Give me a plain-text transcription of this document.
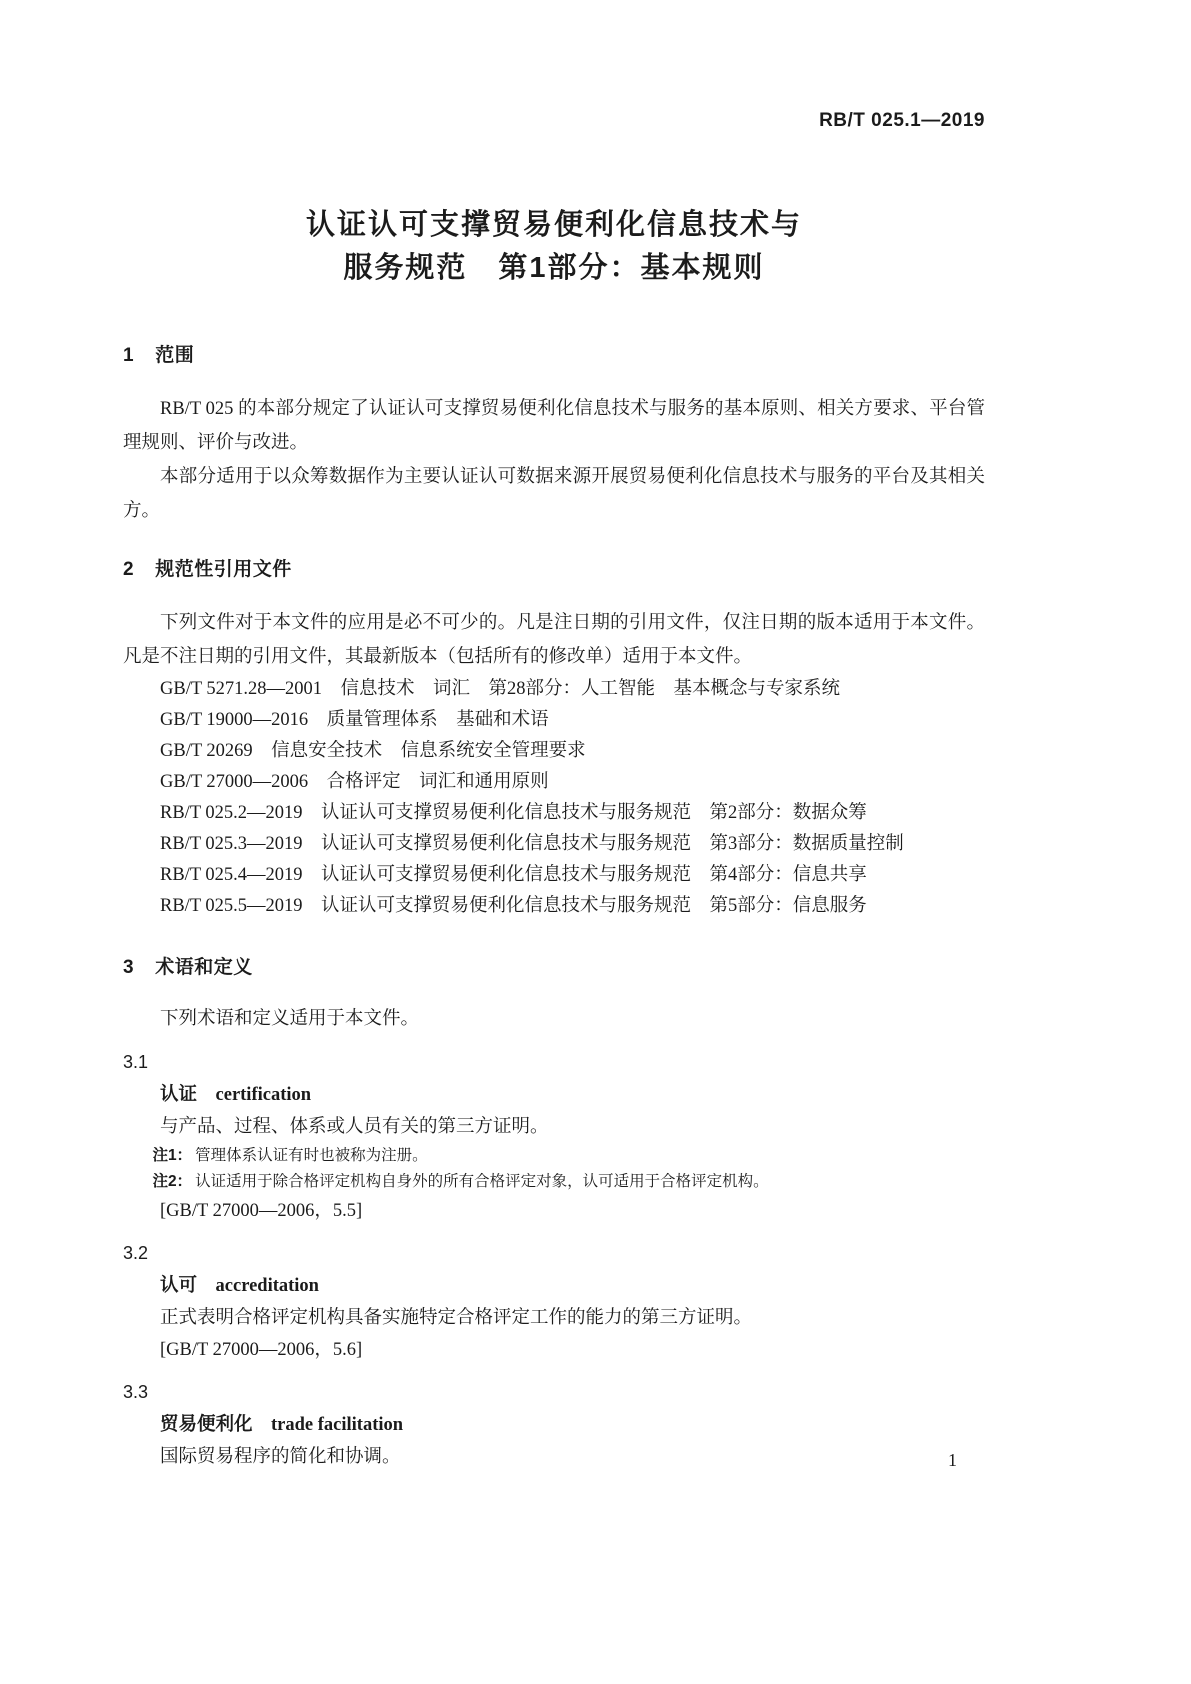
RB/T 025.1—2019
认证认可支撑贸易便利化信息技术与
服务规范　第1部分：基本规则
1 范围

RB/T 025 的本部分规定了认证认可支撑贸易便利化信息技术与服务的基本原则、相关方要求、平台管理规则、评价与改进。

本部分适用于以众筹数据作为主要认证认可数据来源开展贸易便利化信息技术与服务的平台及其相关方。

2 规范性引用文件

下列文件对于本文件的应用是必不可少的。凡是注日期的引用文件，仅注日期的版本适用于本文件。凡是不注日期的引用文件，其最新版本（包括所有的修改单）适用于本文件。

GB/T 5271.28—2001　信息技术　词汇　第28部分：人工智能　基本概念与专家系统
GB/T 19000—2016　质量管理体系　基础和术语
GB/T 20269　信息安全技术　信息系统安全管理要求
GB/T 27000—2006　合格评定　词汇和通用原则
RB/T 025.2—2019　认证认可支撑贸易便利化信息技术与服务规范　第2部分：数据众筹
RB/T 025.3—2019　认证认可支撑贸易便利化信息技术与服务规范　第3部分：数据质量控制
RB/T 025.4—2019　认证认可支撑贸易便利化信息技术与服务规范　第4部分：信息共享
RB/T 025.5—2019　认证认可支撑贸易便利化信息技术与服务规范　第5部分：信息服务
3 术语和定义

下列术语和定义适用于本文件。

3.1
认证 certification
与产品、过程、体系或人员有关的第三方证明。
注1： 管理体系认证有时也被称为注册。
注2： 认证适用于除合格评定机构自身外的所有合格评定对象，认可适用于合格评定机构。
[GB/T 27000—2006，5.5]
3.2
认可 accreditation
正式表明合格评定机构具备实施特定合格评定工作的能力的第三方证明。
[GB/T 27000—2006，5.6]
3.3
贸易便利化 trade facilitation
国际贸易程序的简化和协调。	1
